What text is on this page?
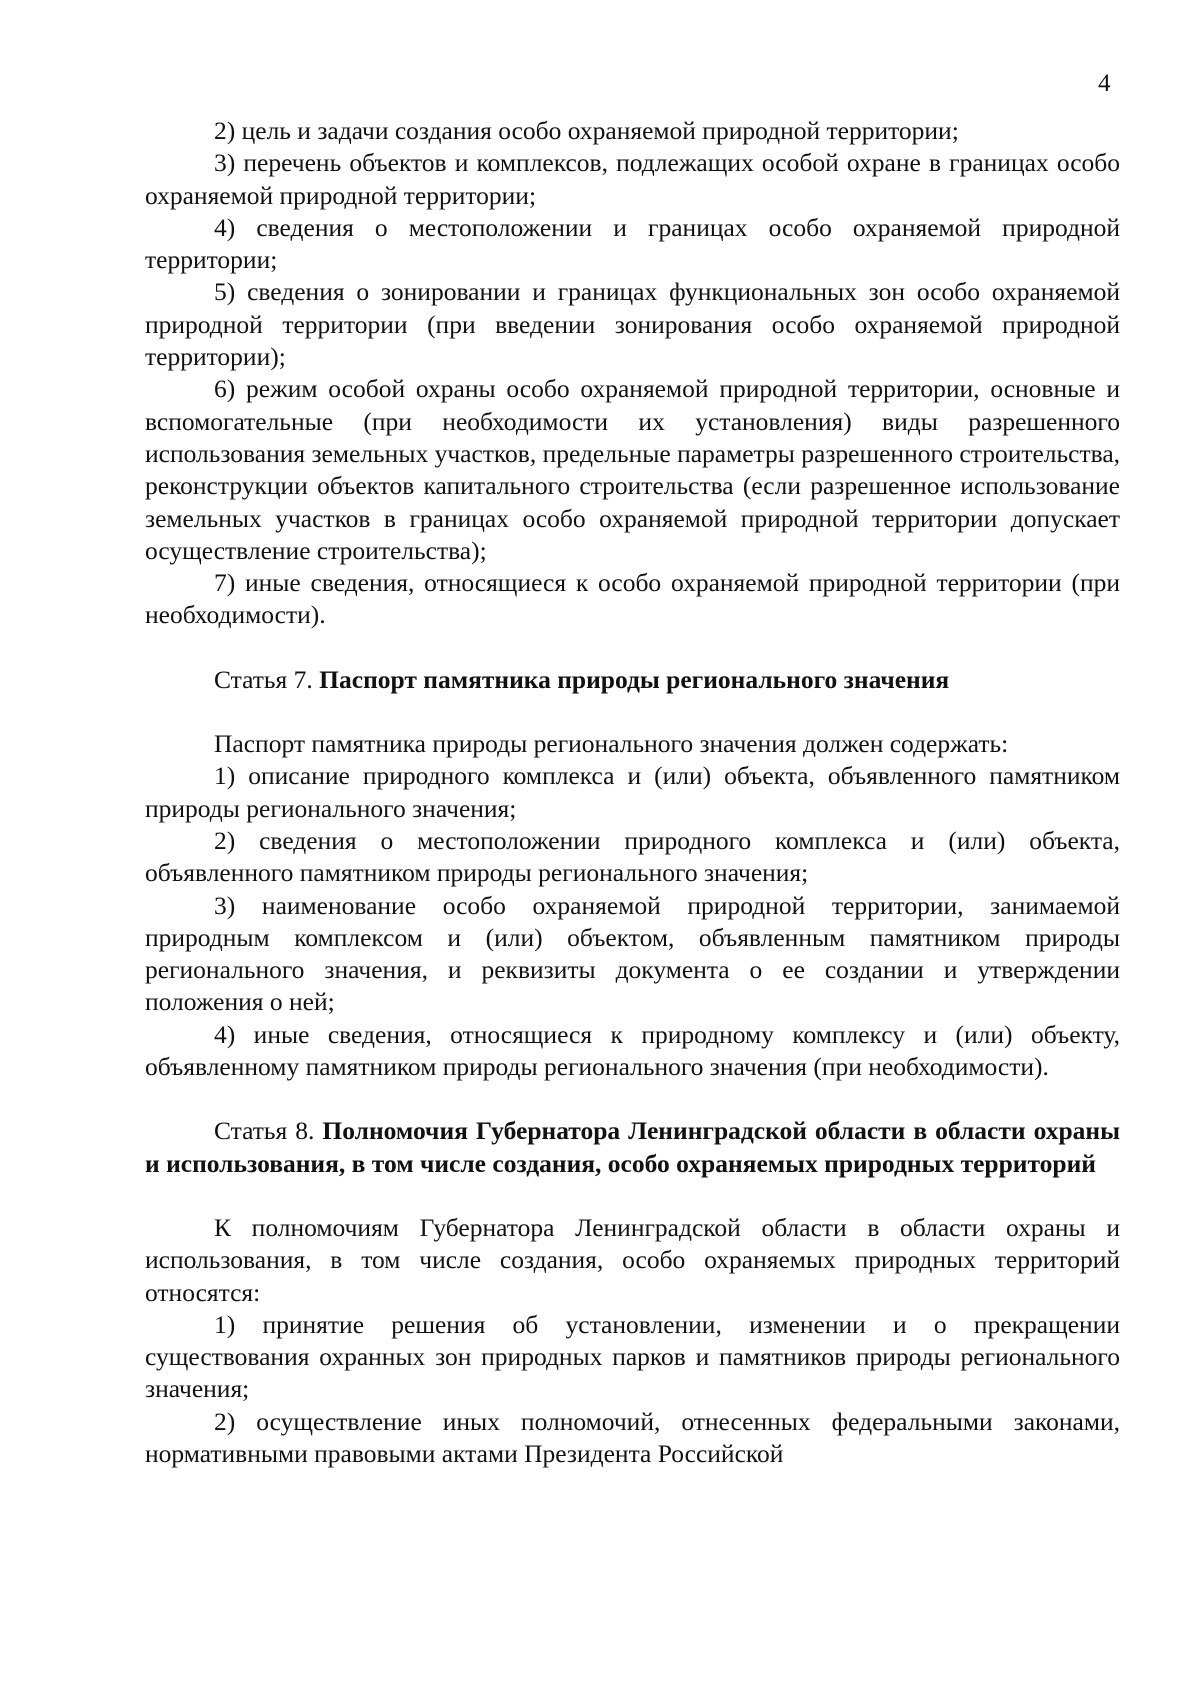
4

2) цель и задачи создания особо охраняемой природной территории;

3) перечень объектов и комплексов, подлежащих особой охране в границах особо охраняемой природной территории;

4) сведения о местоположении и границах особо охраняемой природной территории;

5) сведения о зонировании и границах функциональных зон особо охраняемой природной территории (при введении зонирования особо охраняемой природной территории);

6) режим особой охраны особо охраняемой природной территории, основные и вспомогательные (при необходимости их установления) виды разрешенного использования земельных участков, предельные параметры разрешенного строительства, реконструкции объектов капитального строительства (если разрешенное использование земельных участков в границах особо охраняемой природной территории допускает осуществление строительства);

7) иные сведения, относящиеся к особо охраняемой природной территории (при необходимости).

Статья 7. Паспорт памятника природы регионального значения

Паспорт памятника природы регионального значения должен содержать:

1) описание природного комплекса и (или) объекта, объявленного памятником природы регионального значения;

2) сведения о местоположении природного комплекса и (или) объекта, объявленного памятником природы регионального значения;

3) наименование особо охраняемой природной территории, занимаемой природным комплексом и (или) объектом, объявленным памятником природы регионального значения, и реквизиты документа о ее создании и утверждении положения о ней;

4) иные сведения, относящиеся к природному комплексу и (или) объекту, объявленному памятником природы регионального значения (при необходимости).

Статья 8. Полномочия Губернатора Ленинградской области в области охраны и использования, в том числе создания, особо охраняемых природных территорий

К полномочиям Губернатора Ленинградской области в области охраны и использования, в том числе создания, особо охраняемых природных территорий относятся:

1) принятие решения об установлении, изменении и о прекращении существования охранных зон природных парков и памятников природы регионального значения;

2) осуществление иных полномочий, отнесенных федеральными законами, нормативными правовыми актами Президента Российской
